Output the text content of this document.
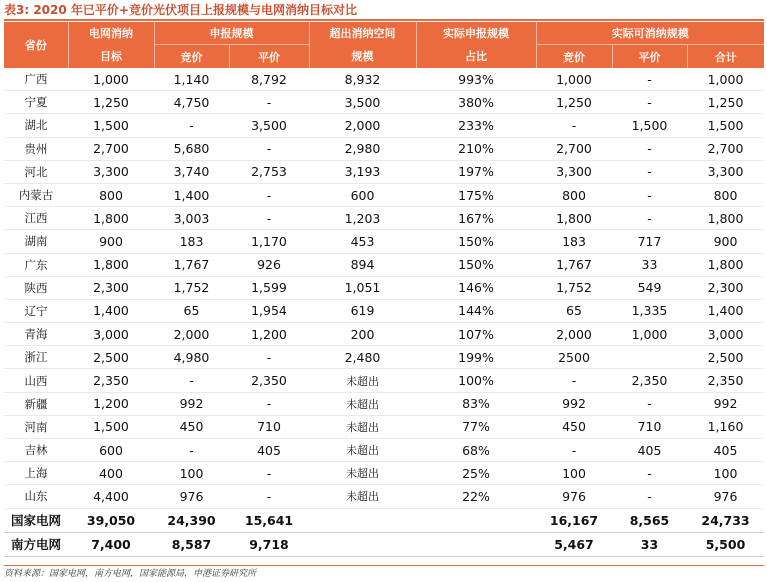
表3: 2020 年已平价+竞价光伏项目上报规模与电网消纳目标对比
省份	电网消纳	申报规模		超出消纳空间	实际申报规模	实际可消纳规模		
	目标	竞价	平价	规模	占比	竞价	平价	合计
广西	1,000	1,140	8,792	8,932	993%	1,000	-	1,000
宁夏	1,250	4,750	-	3,500	380%	1,250	-	1,250
湖北	1,500	-	3,500	2,000	233%	-	1,500	1,500
贵州	2,700	5,680	-	2,980	210%	2,700	-	2,700
河北	3,300	3,740	2,753	3,193	197%	3,300	-	3,300
内蒙古	800	1,400	-	600	175%	800	-	800
江西	1,800	3,003	-	1,203	167%	1,800	-	1,800
湖南	900	183	1,170	453	150%	183	717	900
广东	1,800	1,767	926	894	150%	1,767	33	1,800
陕西	2,300	1,752	1,599	1,051	146%	1,752	549	2,300
辽宁	1,400	65	1,954	619	144%	65	1,335	1,400
青海	3,000	2,000	1,200	200	107%	2,000	1,000	3,000
浙江	2,500	4,980	-	2,480	199%	2500		2,500
山西	2,350	-	2,350	未超出	100%	-	2,350	2,350
新疆	1,200	992	-	未超出	83%	992	-	992
河南	1,500	450	710	未超出	77%	450	710	1,160
吉林	600	-	405	未超出	68%	-	405	405
上海	400	100	-	未超出	25%	100	-	100
山东	4,400	976	-	未超出	22%	976	-	976
国家电网	39,050	24,390	15,641			16,167	8,565	24,733
南方电网	7,400	8,587	9,718			5,467	33	5,500
资料来源：国家电网，南方电网，国家能源局，申港证券研究所
